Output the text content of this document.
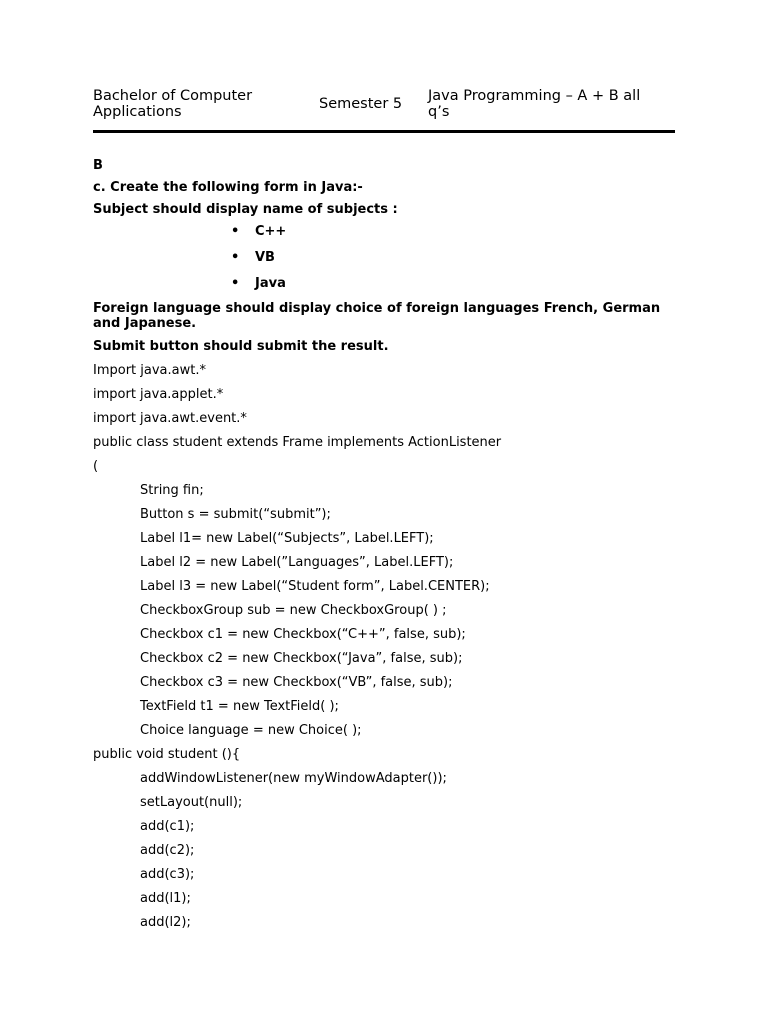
Bachelor of Computer
Applications	Semester 5	Java Programming – A + B all
q’s
B
c. Create the following form in Java:-
Subject should display name of subjects :
• C++
• VB
• Java
Foreign language should display choice of foreign languages French, German and Japanese.
Submit button should submit the result.
Import java.awt.*
import java.applet.*
import java.awt.event.*
public class student extends Frame implements ActionListener
(
String fin;
Button s = submit(“submit”);
Label l1= new Label(“Subjects”, Label.LEFT);
Label l2 = new Label(”Languages”, Label.LEFT);
Label l3 = new Label(“Student form”, Label.CENTER);
CheckboxGroup sub = new CheckboxGroup( ) ;
Checkbox c1 = new Checkbox(“C++”, false, sub);
Checkbox c2 = new Checkbox(“Java”, false, sub);
Checkbox c3 = new Checkbox(“VB”, false, sub);
TextField t1 = new TextField( );
Choice language = new Choice( );
public void student (){
addWindowListener(new myWindowAdapter());
setLayout(null);
add(c1);
add(c2);
add(c3);
add(l1);
add(l2);
